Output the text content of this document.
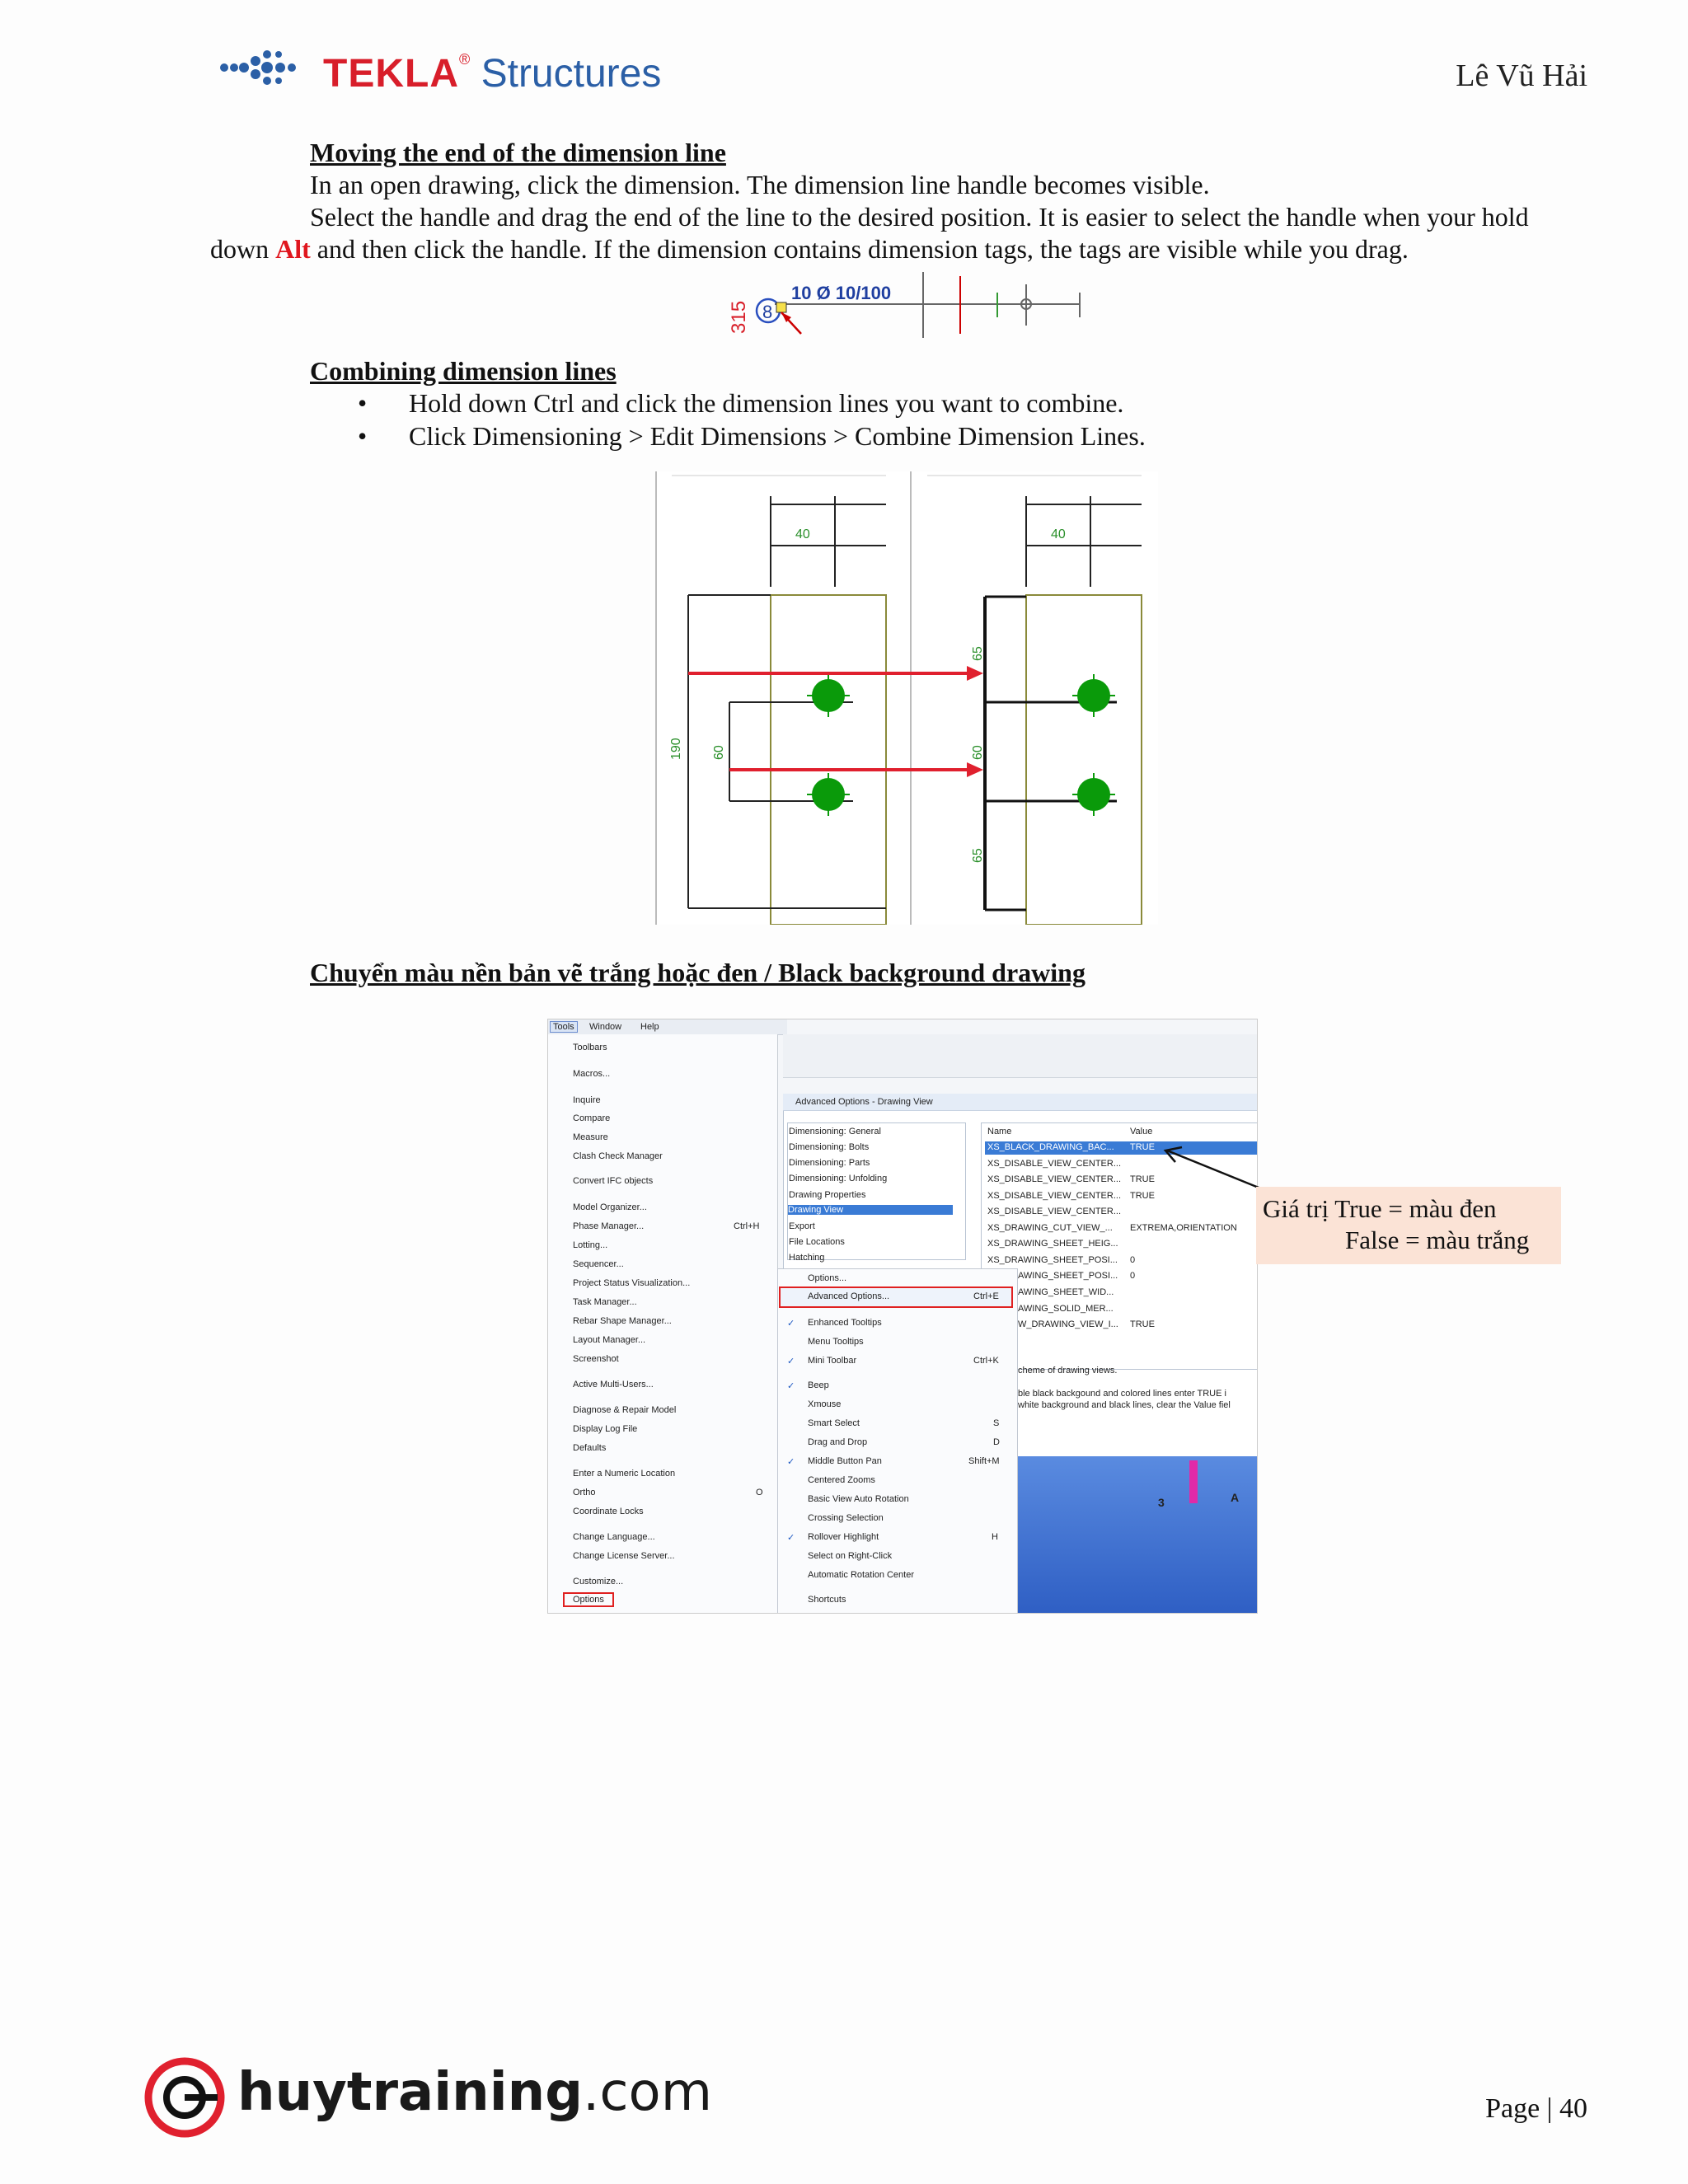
TEKLA® Structures	Lê Vũ Hải
Moving the end of the dimension line
In an open drawing, click the dimension. The dimension line handle becomes visible.
Select the handle and drag the end of the line to the desired position. It is easier to select the handle when your hold
down Alt and then click the handle. If the dimension contains dimension tags, the tags are visible while you drag.
315 8
10 Ø 10/100
Combining dimension lines
• Hold down Ctrl and click the dimension lines you want to combine.
• Click Dimensioning > Edit Dimensions > Combine Dimension Lines.
40
190 60
40
65
60
65
Chuyển màu nền bản vẽ trắng hoặc đen / Black background drawing
Tools	Window Help
Toolbars
Macros...
Inquire
Compare
Measure
Clash Check Manager
Convert IFC objects
Model Organizer...
Phase Manager...	Ctrl+H
Lotting...
Sequencer...
Project Status Visualization...
Task Manager...
Rebar Shape Manager...
Layout Manager...
Screenshot
Active Multi-Users...
Diagnose & Repair Model
Display Log File
Defaults
Enter a Numeric Location
Ortho	O
Coordinate Locks
Change Language...
Change License Server...
Customize...
Options
Advanced Options - Drawing View
Dimensioning: General
Dimensioning: Bolts
Dimensioning: Parts
Dimensioning: Unfolding
Drawing Properties
Drawing View
Export
File Locations
Hatching
Name	Value
XS_BLACK_DRAWING_BAC... TRUE
XS_DISABLE_VIEW_CENTER...
XS_DISABLE_VIEW_CENTER... TRUE
XS_DISABLE_VIEW_CENTER... TRUE
XS_DISABLE_VIEW_CENTER...
XS_DRAWING_CUT_VIEW_... EXTREMA,ORIENTATION
XS_DRAWING_SHEET_HEIG...
XS_DRAWING_SHEET_POSI... 0
AWING_SHEET_POSI... 0
AWING_SHEET_WID...
AWING_SOLID_MER...
W_DRAWING_VIEW_I... TRUE
cheme of drawing views.
ble black backgound and colored lines enter TRUE i
white background and black lines, clear the Value fiel
3	A
Options...
Advanced Options...	Ctrl+E
Enhanced Tooltips
Menu Tooltips
Mini Toolbar	Ctrl+K
Beep
Xmouse
Smart Select	S
Drag and Drop	D
Middle Button Pan	Shift+M
Centered Zooms
Basic View Auto Rotation
Crossing Selection
Rollover Highlight	H
Select on Right-Click
Automatic Rotation Center
Shortcuts
✓
✓
✓
✓
✓
Giá trị True = màu đen
False = màu trắng
huytraining.com	Page | 40
